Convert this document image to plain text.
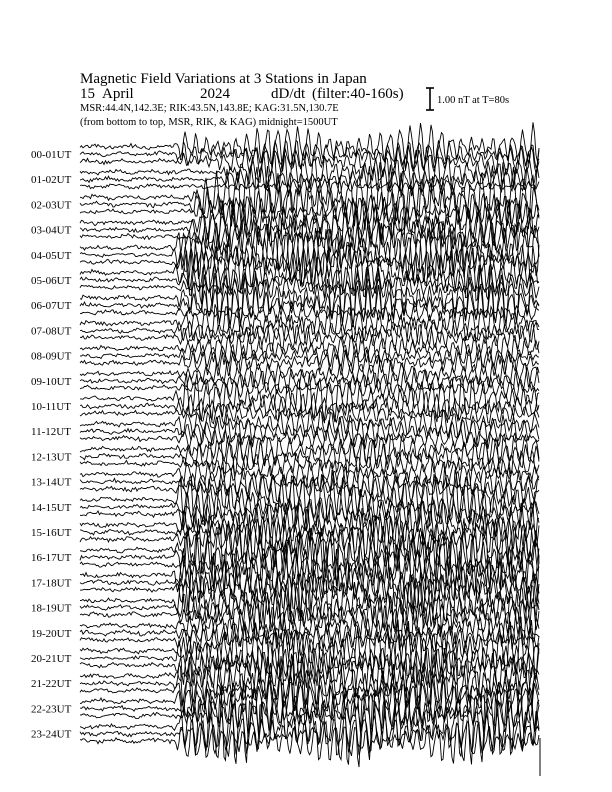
Magnetic Field Variations at 3 Stations in Japan
15 April	2024	dD/dt (filter:40-160s)
MSR:44.4N,142.3E; RIK:43.5N,143.8E; KAG:31.5N,130.7E
(from bottom to top, MSR, RIK, & KAG) midnight=1500UT
1.00 nT at T=80s
00-01UT
01-02UT
02-03UT
03-04UT
04-05UT
05-06UT
06-07UT
07-08UT
08-09UT
09-10UT
10-11UT
11-12UT
12-13UT
13-14UT
14-15UT
15-16UT
16-17UT
17-18UT
18-19UT
19-20UT
20-21UT
21-22UT
22-23UT
23-24UT
